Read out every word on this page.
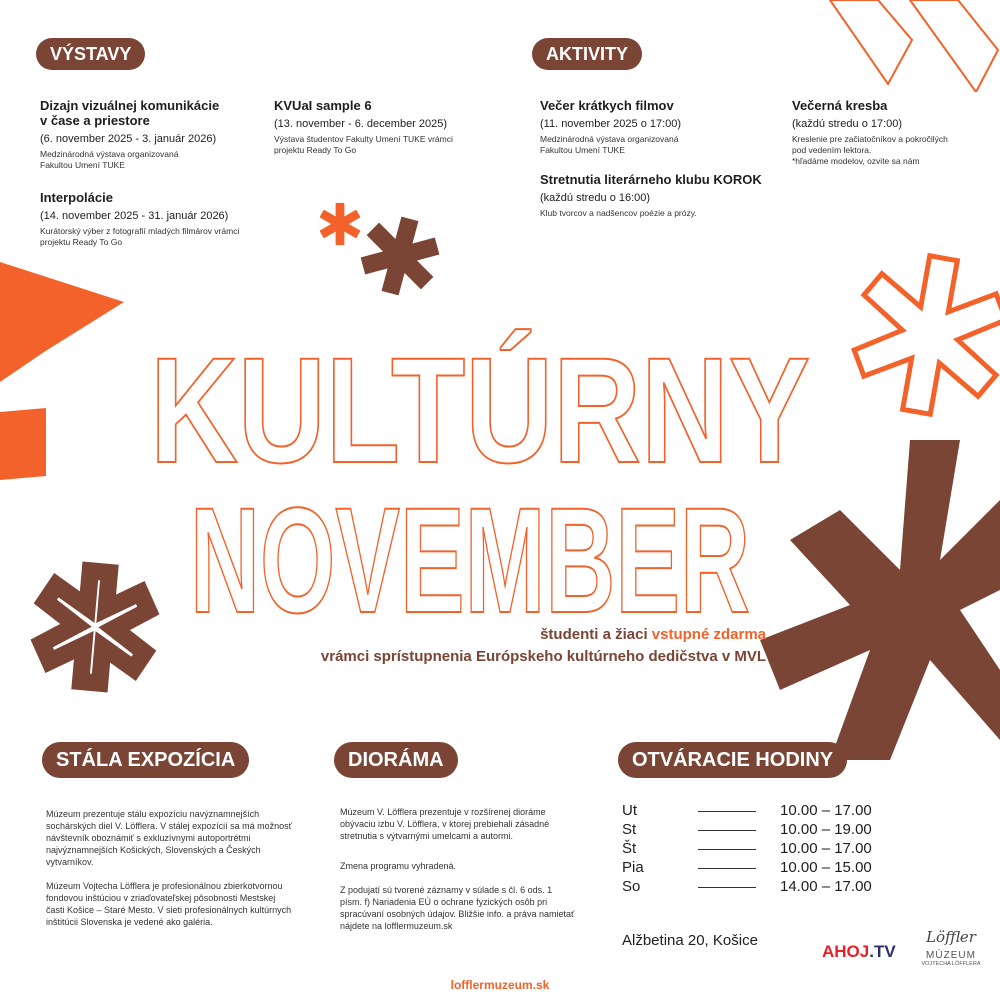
KULTÚRNY
NOVEMBER
študenti a žiaci vstupné zdarma
vrámci sprístupnenia Európskeho kultúrneho dedičstva v MVL
VÝSTAVY	AKTIVITY
STÁLA EXPOZÍCIA	DIORÁMA	OTVÁRACIE HODINY
Dizajn vizuálnej komunikácie
v čase a priestore
(6. november 2025 - 3. január 2026)
Medzinárodná výstava organizovaná
Fakultou Umení TUKE
KVUaI sample 6
(13. november - 6. december 2025)
Výstava študentov Fakulty Umení TUKE vrámci
projektu Ready To Go
Interpolácie
(14. november 2025 - 31. január 2026)
Kurátorský výber z fotografií mladých filmárov vrámci
projektu Ready To Go
Večer krátkych filmov
(11. november 2025 o 17:00)
Medzinárodná výstava organizovaná
Fakultou Umení TUKE
Večerná kresba
(každú stredu o 17:00)
Kreslenie pre začiatočníkov a pokročilých
pod vedením lektora.
*hľadáme modelov, ozvite sa nám
Stretnutia literárneho klubu KOROK
(každú stredu o 16:00)
Klub tvorcov a nadšencov poézie a prózy.
Múzeum prezentuje stálu expozíciu navýznamnejších sochárských diel V. Löfflera. V stálej expozícií sa má možnosť návštevník oboznámiť s exkluzívnymi autoportrétmi najvýznamnejších Košických, Slovenských a Českých vytvarníkov.
Múzeum Vojtecha Löfflera je profesionálnou zbierkotvornou fondovou inštúciou v zriaďovateľskej pôsobnosti Mestskej časti Košice – Staré Mesto. V sieti profesionálnych kultúrnych inštitúcii Slovenska je vedené ako galéria.
Múzeum V. Löfflera prezentuje v rozšírenej dioráme obývaciu izbu V. Löfflera, v ktorej prebiehali zásadné stretnutia s výtvarnými umelcami a autormi.
Zmena programu vyhradená.
Z podujatí sú tvorené záznamy v súlade s čl. 6 ods. 1 písm. f) Nariadenia EÚ o ochrane fyzických osôb pri spracúvaní osobných údajov. Bližšie info. a práva namietať nájdete na lofflermuzeum.sk
Ut	10.00 – 17.00
St	10.00 – 19.00
Št	10.00 – 17.00
Pia	10.00 – 15.00
So	14.00 – 17.00
Alžbetina 20, Košice
AHOJ.TV
Löffler
MÚZEUM
VOJTECHA LÖFFLERA
lofflermuzeum.sk
